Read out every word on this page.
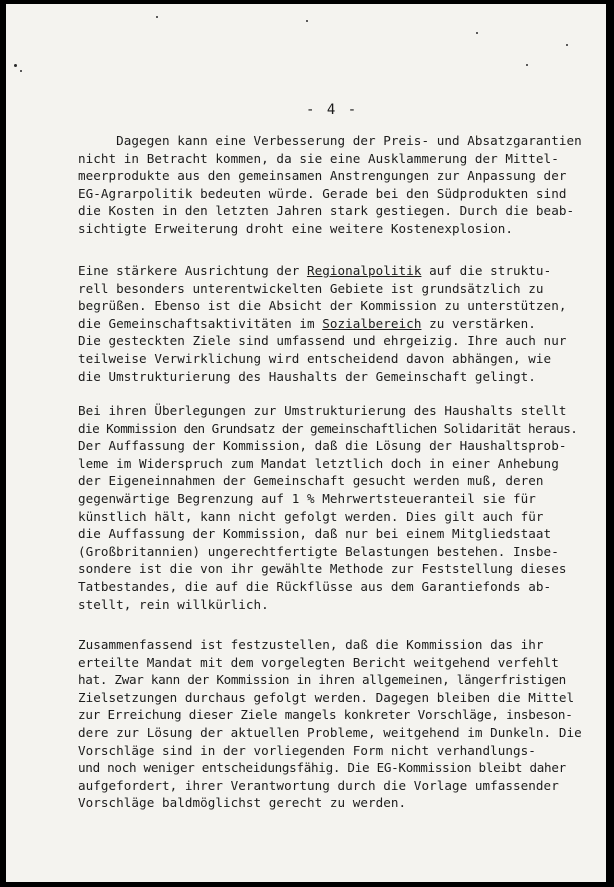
- 4 -
Dagegen kann eine Verbesserung der Preis- und Absatzgarantien
nicht in Betracht kommen, da sie eine Ausklammerung der Mittel-
meerprodukte aus den gemeinsamen Anstrengungen zur Anpassung der
EG-Agrarpolitik bedeuten würde. Gerade bei den Südprodukten sind
die Kosten in den letzten Jahren stark gestiegen. Durch die beab-
sichtigte Erweiterung droht eine weitere Kostenexplosion.
Eine stärkere Ausrichtung der Regionalpolitik auf die struktu-
rell besonders unterentwickelten Gebiete ist grundsätzlich zu
begrüßen. Ebenso ist die Absicht der Kommission zu unterstützen,
die Gemeinschaftsaktivitäten im Sozialbereich zu verstärken.
Die gesteckten Ziele sind umfassend und ehrgeizig. Ihre auch nur
teilweise Verwirklichung wird entscheidend davon abhängen, wie
die Umstrukturierung des Haushalts der Gemeinschaft gelingt.
Bei ihren Überlegungen zur Umstrukturierung des Haushalts stellt
die Kommission den Grundsatz der gemeinschaftlichen Solidarität heraus.
Der Auffassung der Kommission, daß die Lösung der Haushaltsprob-
leme im Widerspruch zum Mandat letztlich doch in einer Anhebung
der Eigeneinnahmen der Gemeinschaft gesucht werden muß, deren
gegenwärtige Begrenzung auf 1 % Mehrwertsteueranteil sie für
künstlich hält, kann nicht gefolgt werden. Dies gilt auch für
die Auffassung der Kommission, daß nur bei einem Mitgliedstaat
(Großbritannien) ungerechtfertigte Belastungen bestehen. Insbe-
sondere ist die von ihr gewählte Methode zur Feststellung dieses
Tatbestandes, die auf die Rückflüsse aus dem Garantiefonds ab-
stellt, rein willkürlich.
Zusammenfassend ist festzustellen, daß die Kommission das ihr
erteilte Mandat mit dem vorgelegten Bericht weitgehend verfehlt
hat. Zwar kann der Kommission in ihren allgemeinen, längerfristigen
Zielsetzungen durchaus gefolgt werden. Dagegen bleiben die Mittel
zur Erreichung dieser Ziele mangels konkreter Vorschläge, insbeson-
dere zur Lösung der aktuellen Probleme, weitgehend im Dunkeln. Die
Vorschläge sind in der vorliegenden Form nicht verhandlungs-
und noch weniger entscheidungsfähig. Die EG-Kommission bleibt daher
aufgefordert, ihrer Verantwortung durch die Vorlage umfassender
Vorschläge baldmöglichst gerecht zu werden.
